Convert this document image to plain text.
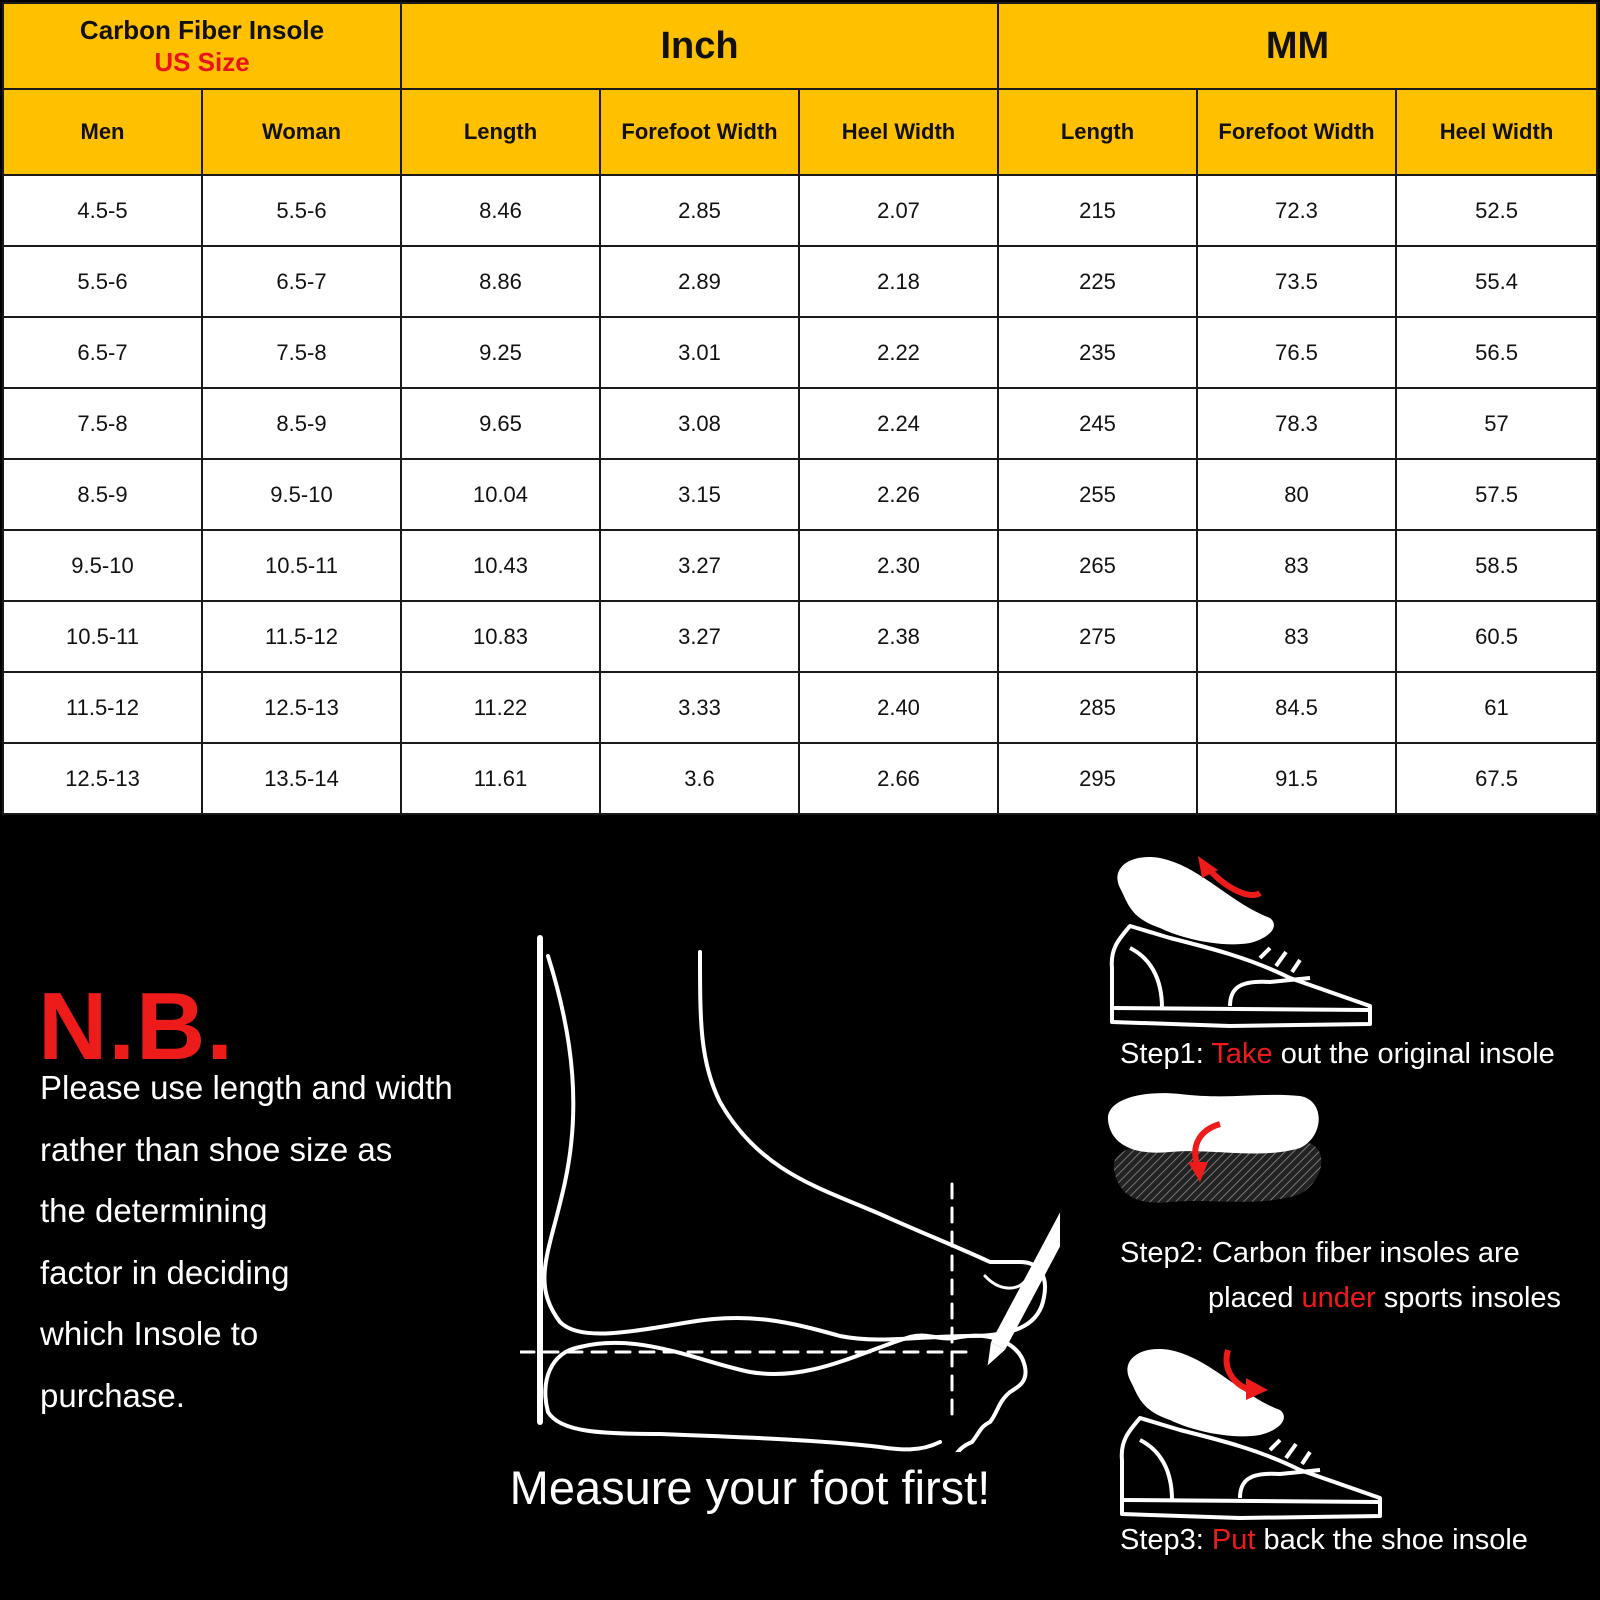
Carbon Fiber Insole
US Size		Inch			MM		
Men	Woman	Length	Forefoot Width	Heel Width	Length	Forefoot Width	Heel Width
4.5-5	5.5-6	8.46	2.85	2.07	215	72.3	52.5
5.5-6	6.5-7	8.86	2.89	2.18	225	73.5	55.4
6.5-7	7.5-8	9.25	3.01	2.22	235	76.5	56.5
7.5-8	8.5-9	9.65	3.08	2.24	245	78.3	57
8.5-9	9.5-10	10.04	3.15	2.26	255	80	57.5
9.5-10	10.5-11	10.43	3.27	2.30	265	83	58.5
10.5-11	11.5-12	10.83	3.27	2.38	275	83	60.5
11.5-12	12.5-13	11.22	3.33	2.40	285	84.5	61
12.5-13	13.5-14	11.61	3.6	2.66	295	91.5	67.5
N.B.
Please use length and width
rather than shoe size as
the determining
factor in deciding
which Insole to
purchase.
Measure your foot first!
Step1: Take out the original insole
Step2: Carbon fiber insoles are
placed under sports insoles
Step3: Put back the shoe insole
